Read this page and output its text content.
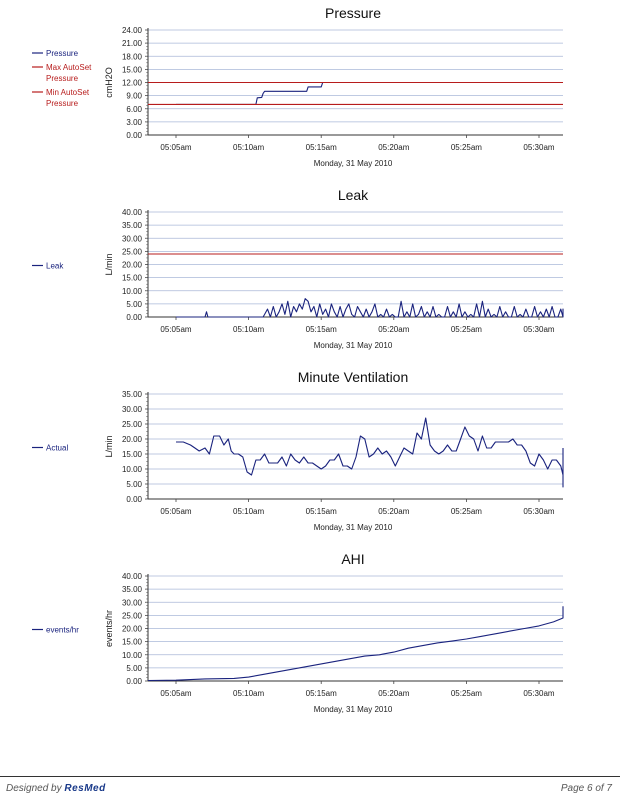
Pressure
24.00
21.00
18.00
15.00
12.00
9.00
6.00
3.00
0.00
cmH2O
05:05am	05:10am	05:15am	05:20am	05:25am	05:30am
Monday, 31 May 2010
Pressure
Max AutoSet
Pressure
Min AutoSet
Pressure
Leak
40.00
35.00
30.00
25.00
20.00
15.00
10.00
5.00
0.00
L/min
05:05am	05:10am	05:15am	05:20am	05:25am	05:30am
Monday, 31 May 2010
Leak
Minute Ventilation
35.00
30.00
25.00
20.00
15.00
10.00
5.00
0.00
L/min
05:05am	05:10am	05:15am	05:20am	05:25am	05:30am
Monday, 31 May 2010
Actual
AHI
40.00
35.00
30.00
25.00
20.00
15.00
10.00
5.00
0.00
events/hr
05:05am	05:10am	05:15am	05:20am	05:25am	05:30am
Monday, 31 May 2010
events/hr
Designed by ResMed	Page 6 of 7
